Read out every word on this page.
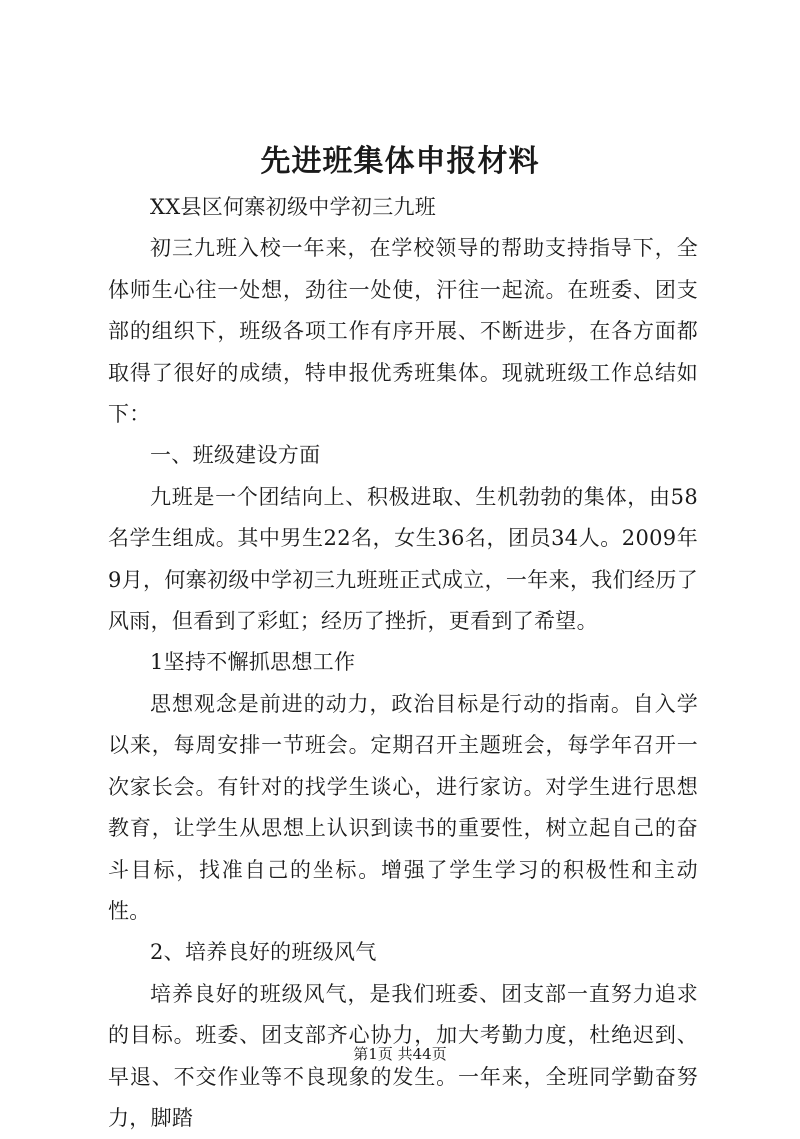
先进班集体申报材料

XX县区何寨初级中学初三九班

初三九班入校一年来，在学校领导的帮助支持指导下，全体师生心往一处想，劲往一处使，汗往一起流。在班委、团支部的组织下，班级各项工作有序开展、不断进步，在各方面都取得了很好的成绩，特申报优秀班集体。现就班级工作总结如下：

一、班级建设方面

九班是一个团结向上、积极进取、生机勃勃的集体，由58名学生组成。其中男生22名，女生36名，团员34人。2009年9月，何寨初级中学初三九班班正式成立，一年来，我们经历了风雨，但看到了彩虹；经历了挫折，更看到了希望。

1坚持不懈抓思想工作

思想观念是前进的动力，政治目标是行动的指南。自入学以来，每周安排一节班会。定期召开主题班会，每学年召开一次家长会。有针对的找学生谈心，进行家访。对学生进行思想教育，让学生从思想上认识到读书的重要性，树立起自己的奋斗目标，找准自己的坐标。增强了学生学习的积极性和主动性。

2、培养良好的班级风气

培养良好的班级风气，是我们班委、团支部一直努力追求的目标。班委、团支部齐心协力，加大考勤力度，杜绝迟到、早退、不交作业等不良现象的发生。一年来，全班同学勤奋努力，脚踏

第1页 共44页
